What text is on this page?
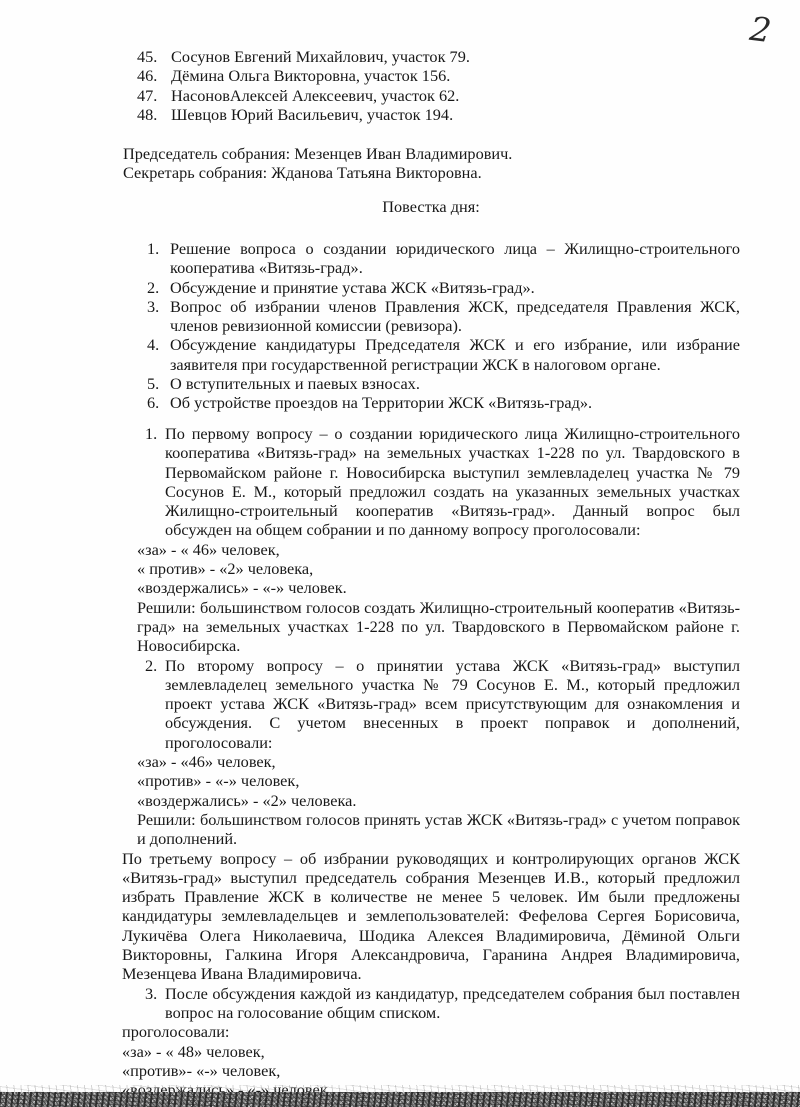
2
45. Сосунов Евгений Михайлович, участок 79.
46. Дёмина Ольга Викторовна, участок 156.
47. НасоновАлексей Алексеевич, участок 62.
48. Шевцов Юрий Васильевич, участок 194.

Председатель собрания: Мезенцев Иван Владимирович.

Секретарь собрания: Жданова Татьяна Викторовна.

Повестка дня:
1. Решение вопроса о создании юридического лица – Жилищно-строительного кооператива «Витязь-град».
2. Обсуждение и принятие устава ЖСК «Витязь-град».
3. Вопрос об избрании членов Правления ЖСК, председателя Правления ЖСК, членов ревизионной комиссии (ревизора).
4. Обсуждение кандидатуры Председателя ЖСК и его избрание, или избрание заявителя при государственной регистрации ЖСК в налоговом органе.
5. О вступительных и паевых взносах.
6. Об устройстве проездов на Территории ЖСК «Витязь-град».

1. По первому вопросу – о создании юридического лица Жилищно-строительного кооператива «Витязь-град» на земельных участках 1-228 по ул. Твардовского в Первомайском районе г. Новосибирска выступил землевладелец участка № 79 Сосунов Е. М., который предложил создать на указанных земельных участках Жилищно-строительный кооператив «Витязь-град». Данный вопрос был обсужден на общем собрании и по данному вопросу проголосовали:

«за» - « 46» человек,

« против» - «2» человека,

«воздержались» - «-» человек.

Решили: большинством голосов создать Жилищно-строительный кооператив «Витязь-град» на земельных участках 1-228 по ул. Твардовского в Первомайском районе г. Новосибирска.

2. По второму вопросу – о принятии устава ЖСК «Витязь-град» выступил землевладелец земельного участка № 79 Сосунов Е. М., который предложил проект устава ЖСК «Витязь-град» всем присутствующим для ознакомления и обсуждения. С учетом внесенных в проект поправок и дополнений, проголосовали:

«за» - «46» человек,

«против» - «-» человек,

«воздержались» - «2» человека.

Решили: большинством голосов принять устав ЖСК «Витязь-град» с учетом поправок и дополнений.

По третьему вопросу – об избрании руководящих и контролирующих органов ЖСК «Витязь-град» выступил председатель собрания Мезенцев И.В., который предложил избрать Правление ЖСК в количестве не менее 5 человек. Им были предложены кандидатуры землевладельцев и землепользователей: Фефелова Сергея Борисовича, Лукичёва Олега Николаевича, Шодика Алексея Владимировича, Дёминой Ольги Викторовны, Галкина Игоря Александровича, Гаранина Андрея Владимировича, Мезенцева Ивана Владимировича.

3. После обсуждения каждой из кандидатур, председателем собрания был поставлен вопрос на голосование общим списком.

проголосовали:

«за» - « 48» человек,

«против»- «-» человек,
